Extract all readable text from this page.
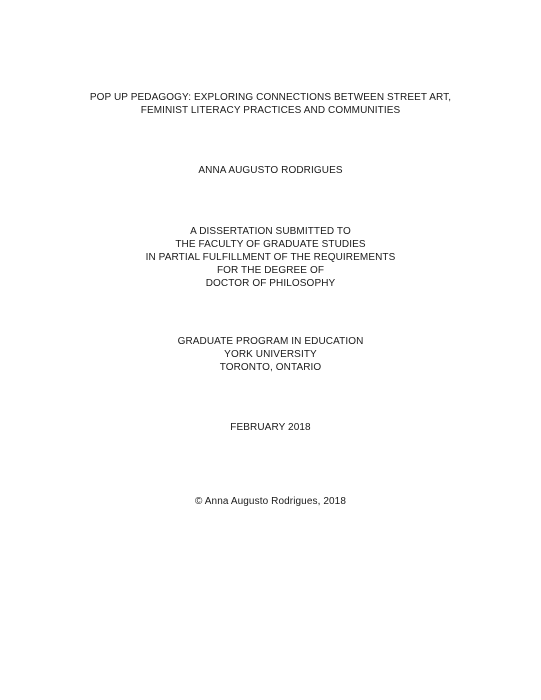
POP UP PEDAGOGY: EXPLORING CONNECTIONS BETWEEN STREET ART,
FEMINIST LITERACY PRACTICES AND COMMUNITIES
ANNA AUGUSTO RODRIGUES
A DISSERTATION SUBMITTED TO
THE FACULTY OF GRADUATE STUDIES
IN PARTIAL FULFILLMENT OF THE REQUIREMENTS
FOR THE DEGREE OF
DOCTOR OF PHILOSOPHY
GRADUATE PROGRAM IN EDUCATION
YORK UNIVERSITY
TORONTO, ONTARIO
FEBRUARY 2018
© Anna Augusto Rodrigues, 2018
